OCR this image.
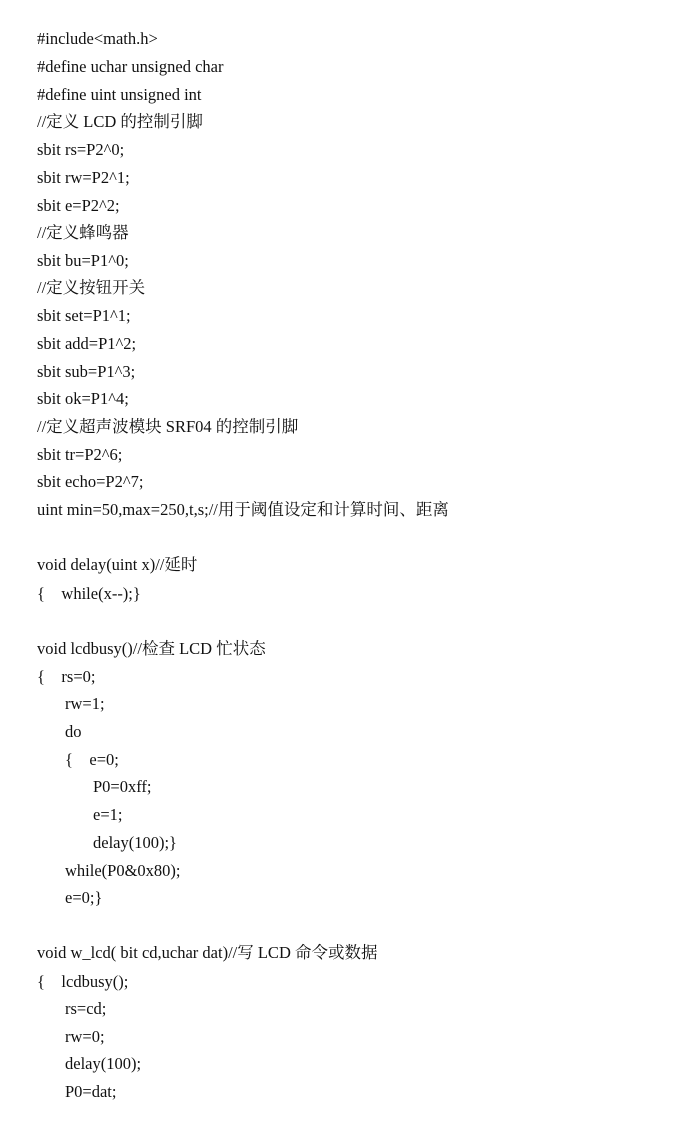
#include<math.h>
#define uchar unsigned char
#define uint unsigned int
//定义 LCD 的控制引脚
sbit rs=P2^0;
sbit rw=P2^1;
sbit e=P2^2;
//定义蜂鸣器
sbit bu=P1^0;
//定义按钮开关
sbit set=P1^1;
sbit add=P1^2;
sbit sub=P1^3;
sbit ok=P1^4;
//定义超声波模块 SRF04 的控制引脚
sbit tr=P2^6;
sbit echo=P2^7;
uint min=50,max=250,t,s;//用于阈值设定和计算时间、距离
void delay(uint x)//延时
{    while(x--);}
void lcdbusy()//检查 LCD 忙状态
{    rs=0;
rw=1;
do
{    e=0;
P0=0xff;
e=1;
delay(100);}
while(P0&0x80);
e=0;}
void w_lcd( bit cd,uchar dat)//写 LCD 命令或数据
{    lcdbusy();
rs=cd;
rw=0;
delay(100);
P0=dat;
